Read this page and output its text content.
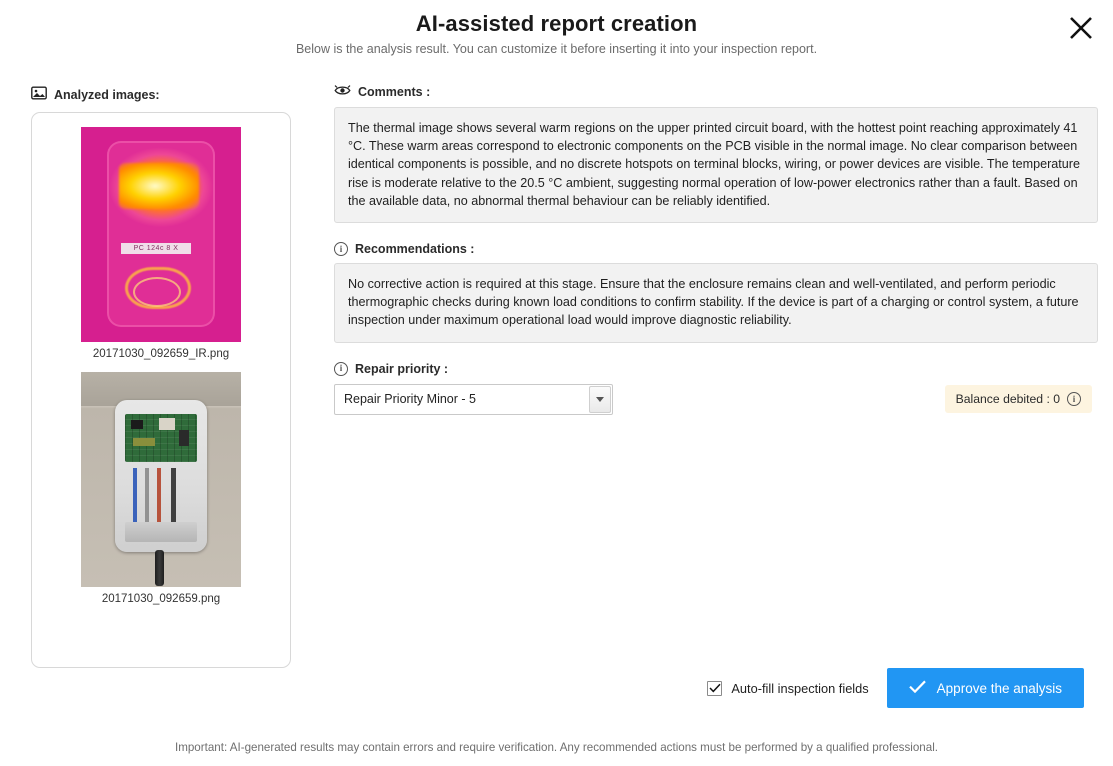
AI-assisted report creation
Below is the analysis result. You can customize it before inserting it into your inspection report.
Analyzed images:
PC 124c 8 X
20171030_092659_IR.png
20171030_092659.png
Comments :
The thermal image shows several warm regions on the upper printed circuit board, with the hottest point reaching approximately 41 °C. These warm areas correspond to electronic components on the PCB visible in the normal image. No clear comparison between identical components is possible, and no discrete hotspots on terminal blocks, wiring, or power devices are visible. The temperature rise is moderate relative to the 20.5 °C ambient, suggesting normal operation of low-power electronics rather than a fault. Based on the available data, no abnormal thermal behaviour can be reliably identified.
i	Recommendations :
No corrective action is required at this stage. Ensure that the enclosure remains clean and well-ventilated, and perform periodic thermographic checks during known load conditions to confirm stability. If the device is part of a charging or control system, a future inspection under maximum operational load would improve diagnostic reliability.
i	Repair priority :
Repair Priority Minor - 5	Balance debited : 0	i
Auto-fill inspection fields	Approve the analysis
Important: AI-generated results may contain errors and require verification. Any recommended actions must be performed by a qualified professional.
